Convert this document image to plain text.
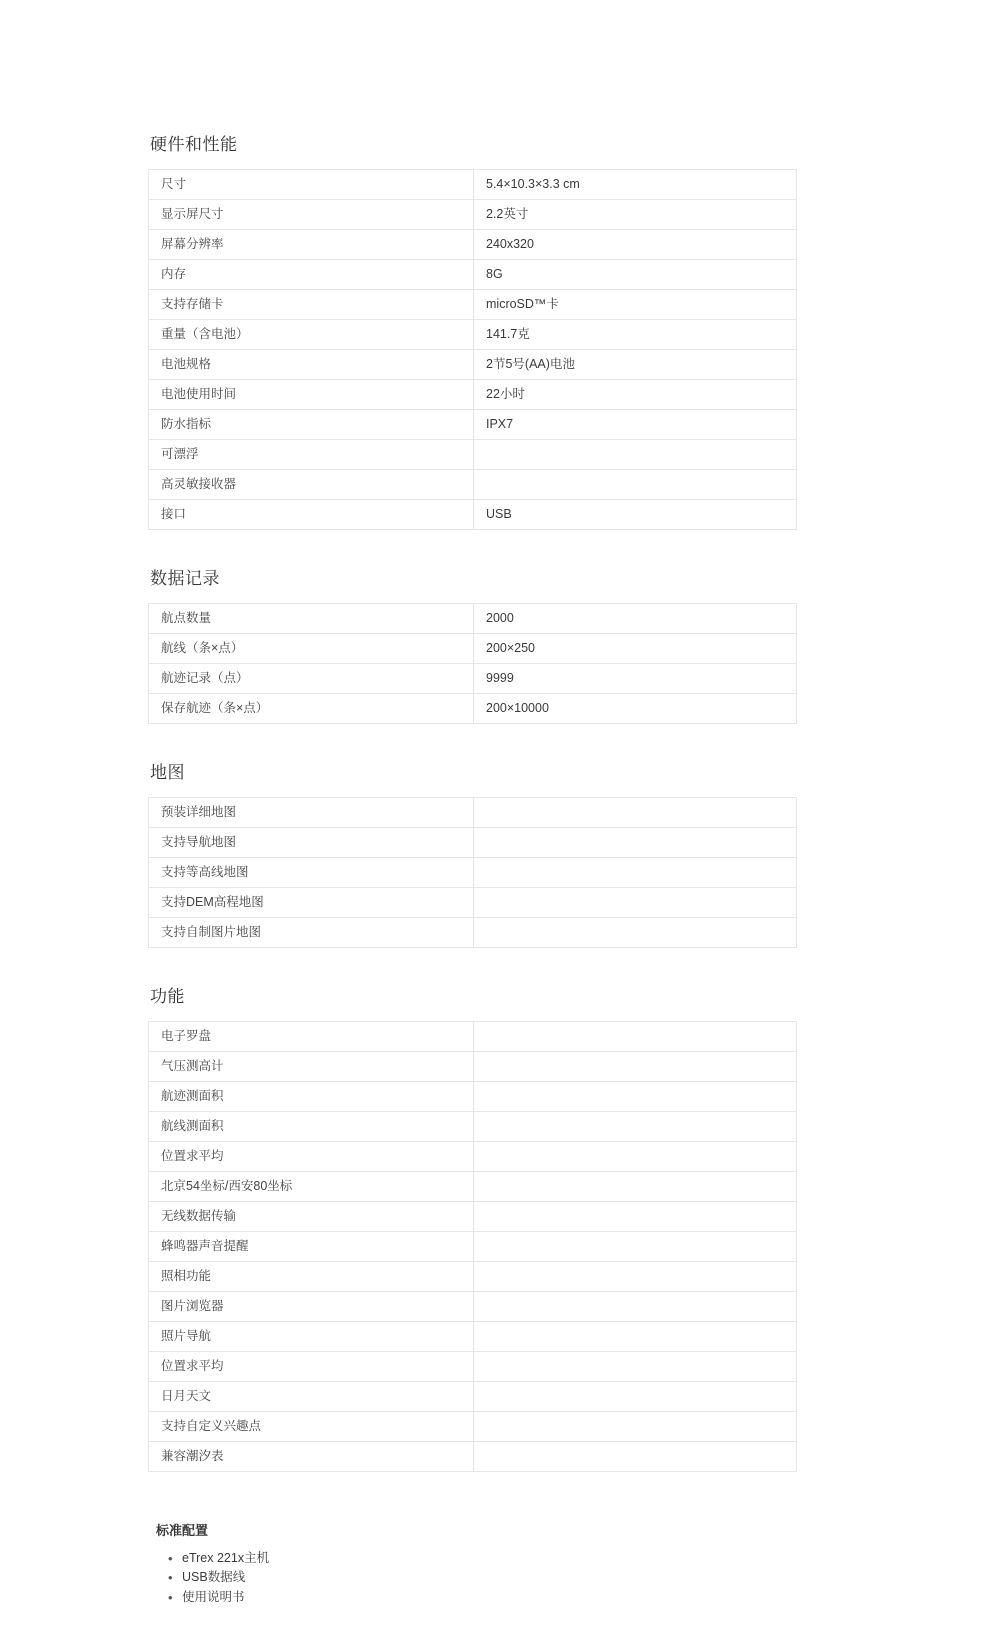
硬件和性能
尺寸	5.4×10.3×3.3 cm
显示屏尺寸	2.2英寸
屏幕分辨率	240x320
内存	8G
支持存储卡	microSD™卡
重量（含电池）	141.7克
电池规格	2节5号(AA)电池
电池使用时间	22小时
防水指标	IPX7
可漂浮	
高灵敏接收器	
接口	USB
数据记录
航点数量	2000
航线（条×点）	200×250
航迹记录（点）	9999
保存航迹（条×点）	200×10000
地图
预装详细地图	
支持导航地图	
支持等高线地图	
支持DEM高程地图	
支持自制图片地图	
功能
电子罗盘	
气压测高计	
航迹测面积	
航线测面积	
位置求平均	
北京54坐标/西安80坐标	
无线数据传输	
蜂鸣器声音提醒	
照相功能	
图片浏览器	
照片导航	
位置求平均	
日月天文	
支持自定义兴趣点	
兼容潮汐表	
标准配置
• eTrex 221x主机
• USB数据线
• 使用说明书
